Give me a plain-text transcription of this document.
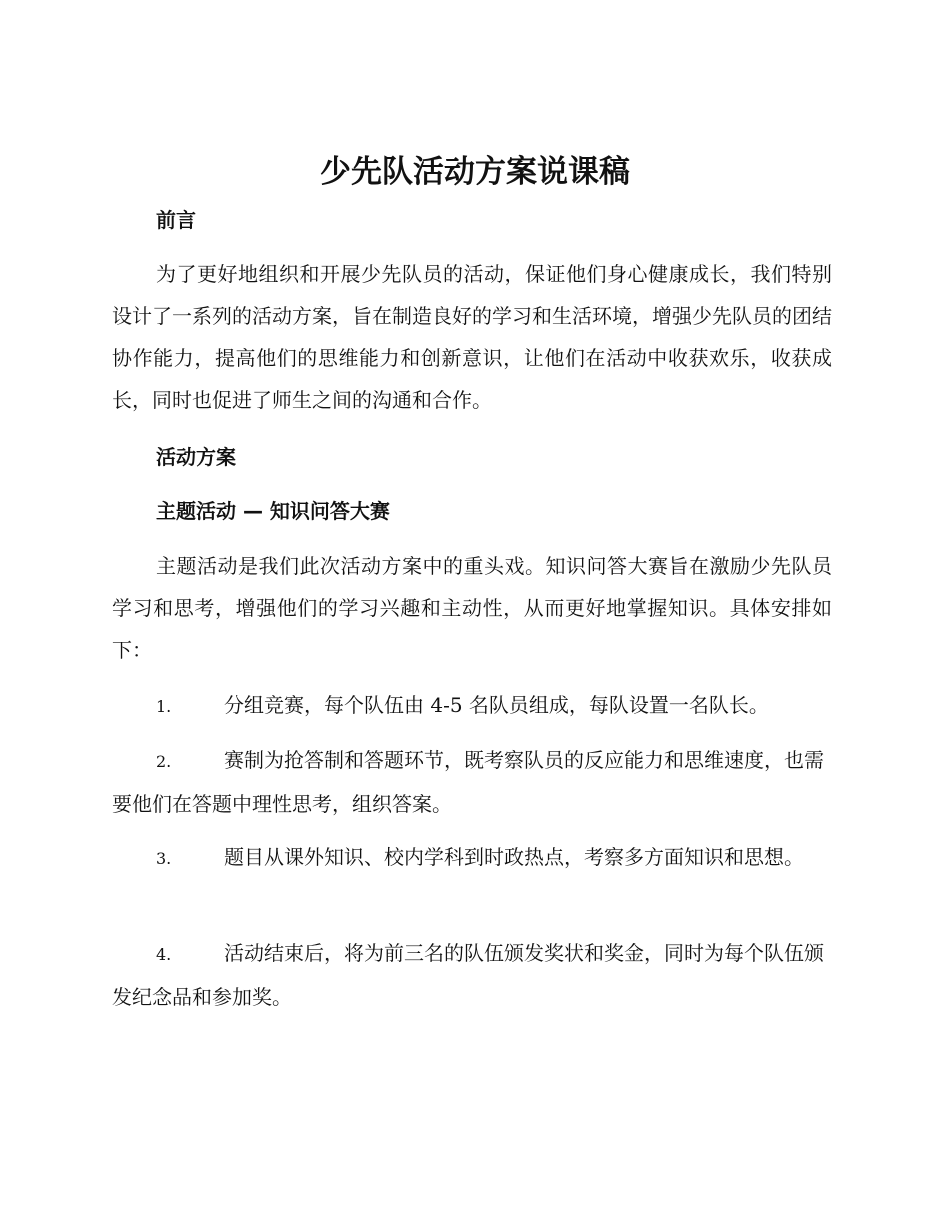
少先队活动方案说课稿
前言

为了更好地组织和开展少先队员的活动，保证他们身心健康成长，我们特别设计了一系列的活动方案，旨在制造良好的学习和生活环境，增强少先队员的团结协作能力，提高他们的思维能力和创新意识，让他们在活动中收获欢乐，收获成长，同时也促进了师生之间的沟通和合作。

活动方案
主题活动 — 知识问答大赛

主题活动是我们此次活动方案中的重头戏。知识问答大赛旨在激励少先队员学习和思考，增强他们的学习兴趣和主动性，从而更好地掌握知识。具体安排如下：

1.	分组竞赛，每个队伍由 4-5 名队员组成，每队设置一名队长。

2.	赛制为抢答制和答题环节，既考察队员的反应能力和思维速度，也需要他们在答题中理性思考，组织答案。

3.	题目从课外知识、校内学科到时政热点，考察多方面知识和思想。

4.	活动结束后，将为前三名的队伍颁发奖状和奖金，同时为每个队伍颁发纪念品和参加奖。
